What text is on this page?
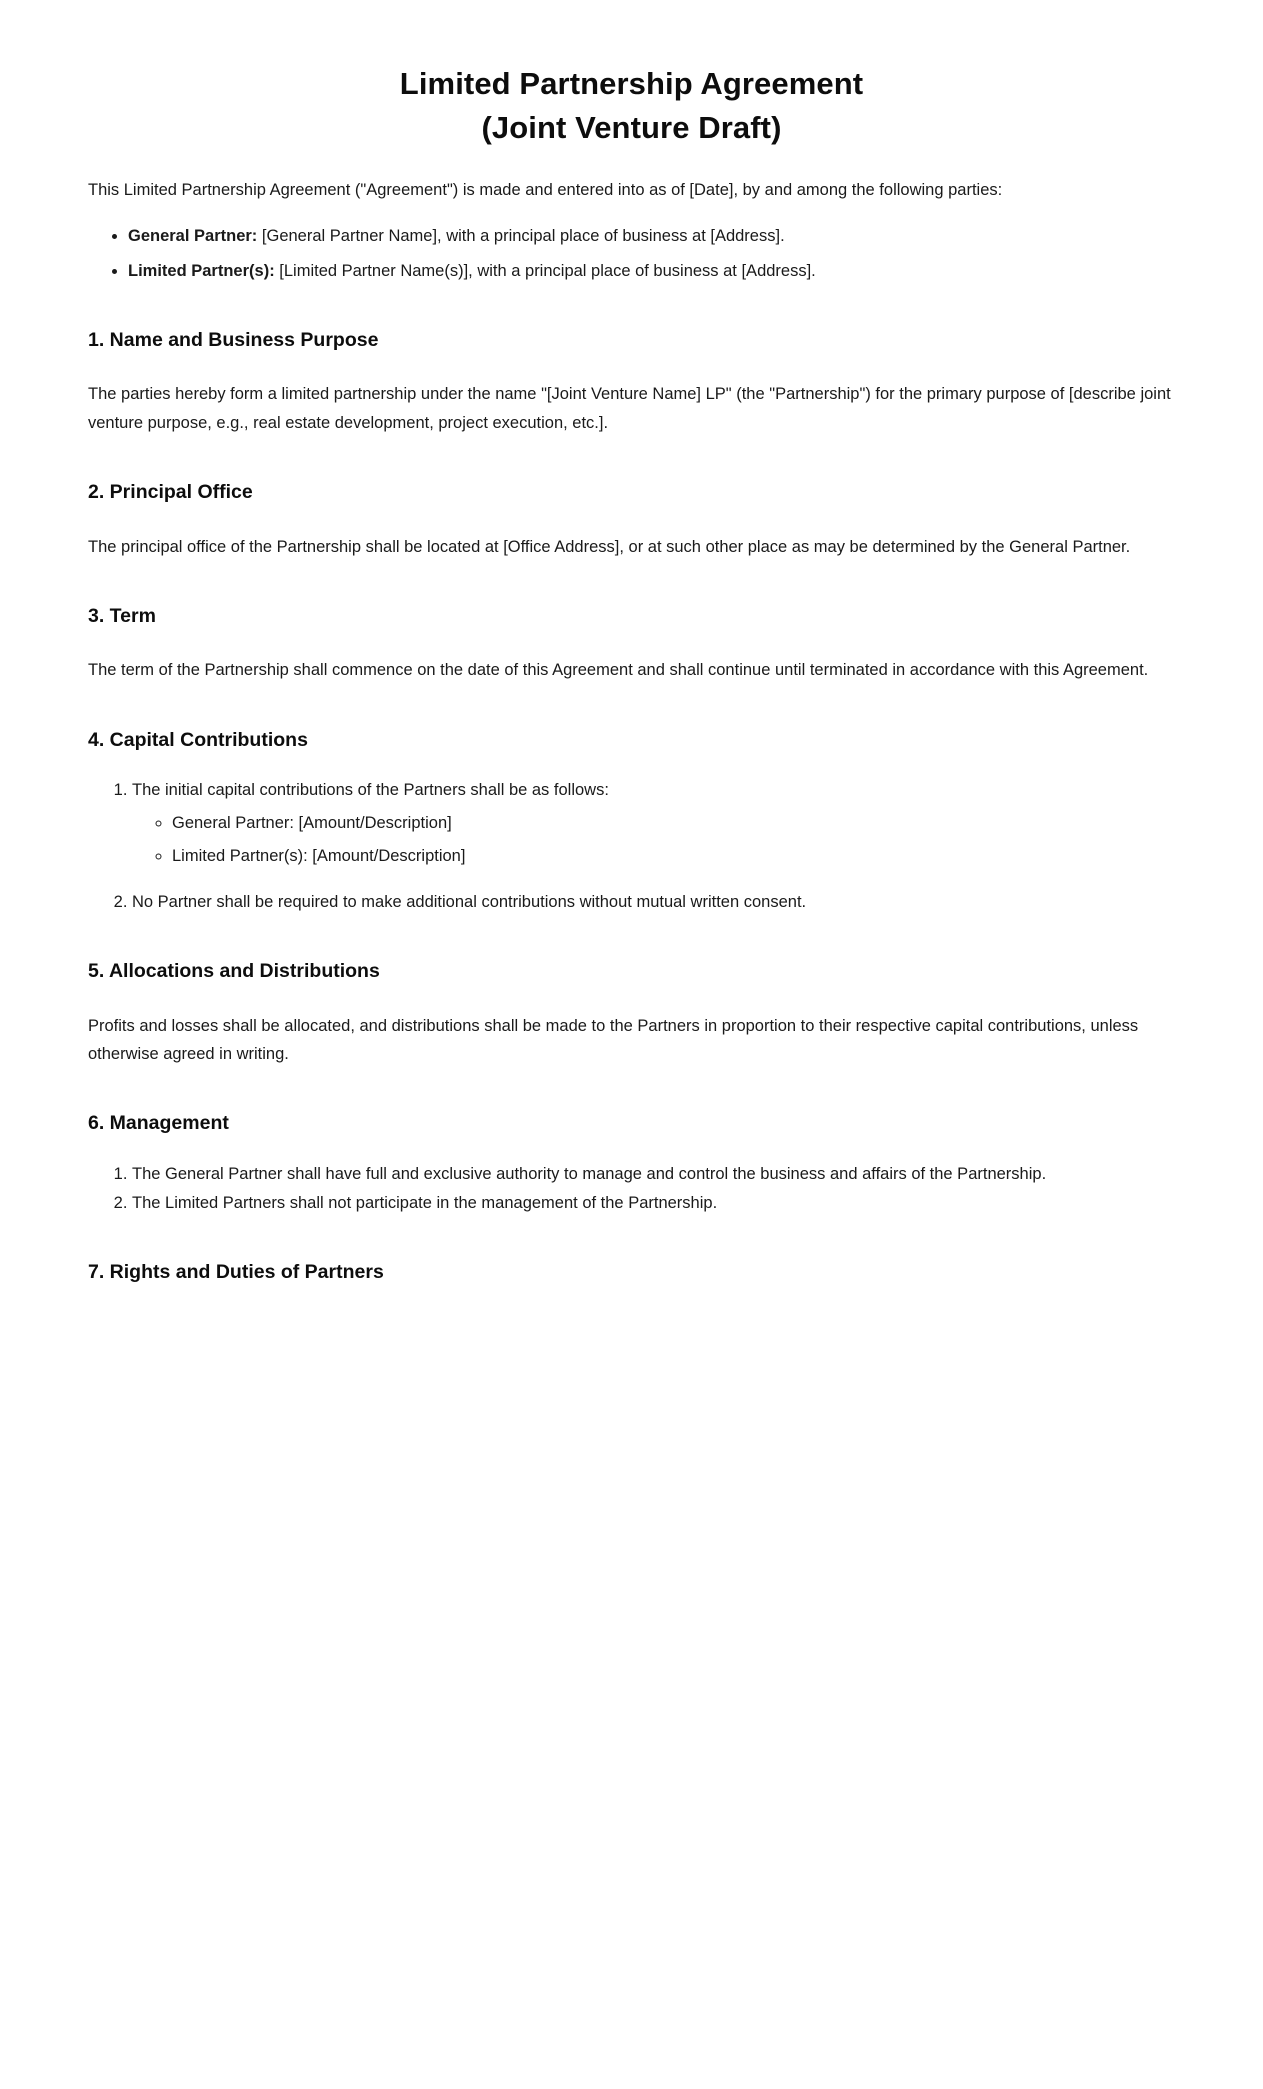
Limited Partnership Agreement
(Joint Venture Draft)

This Limited Partnership Agreement ("Agreement") is made and entered into as of [Date], by and among the following parties:

• General Partner: [General Partner Name], with a principal place of business at [Address].
• Limited Partner(s): [Limited Partner Name(s)], with a principal place of business at [Address].
1. Name and Business Purpose

The parties hereby form a limited partnership under the name "[Joint Venture Name] LP" (the "Partnership") for the primary purpose of [describe joint venture purpose, e.g., real estate development, project execution, etc.].

2. Principal Office

The principal office of the Partnership shall be located at [Office Address], or at such other place as may be determined by the General Partner.

3. Term

The term of the Partnership shall commence on the date of this Agreement and shall continue until terminated in accordance with this Agreement.

4. Capital Contributions
1. The initial capital contributions of the Partners shall be as follows:
◦ General Partner: [Amount/Description]
◦ Limited Partner(s): [Amount/Description]
2. No Partner shall be required to make additional contributions without mutual written consent.
5. Allocations and Distributions

Profits and losses shall be allocated, and distributions shall be made to the Partners in proportion to their respective capital contributions, unless otherwise agreed in writing.

6. Management
1. The General Partner shall have full and exclusive authority to manage and control the business and affairs of the Partnership.
2. The Limited Partners shall not participate in the management of the Partnership.
7. Rights and Duties of Partners
